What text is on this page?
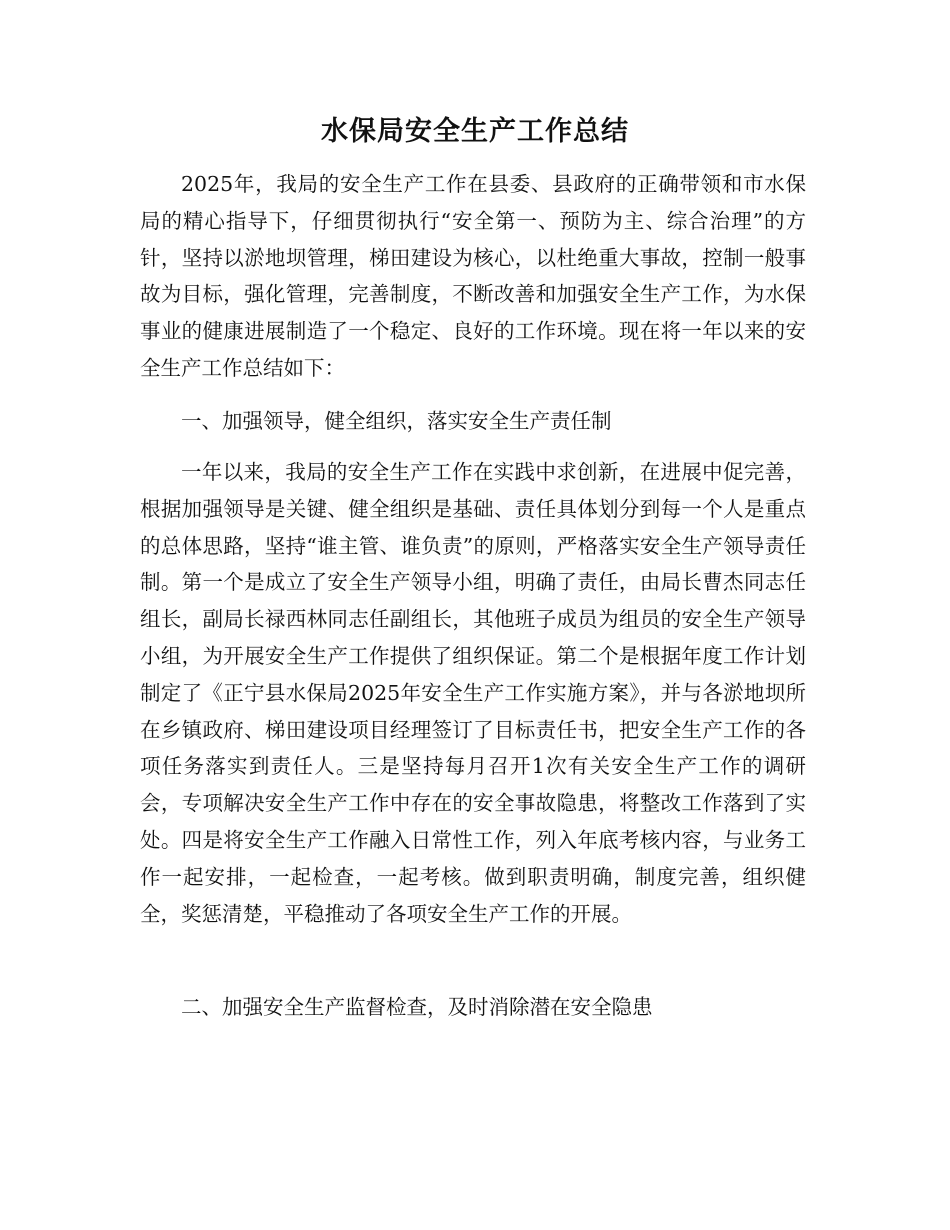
水保局安全生产工作总结
2025年，我局的安全生产工作在县委、县政府的正确带领和市水保局的精心指导下，仔细贯彻执行“安全第一、预防为主、综合治理”的方针，坚持以淤地坝管理，梯田建设为核心，以杜绝重大事故，控制一般事故为目标，强化管理，完善制度，不断改善和加强安全生产工作，为水保事业的健康进展制造了一个稳定、良好的工作环境。现在将一年以来的安全生产工作总结如下：
一、加强领导，健全组织，落实安全生产责任制
一年以来，我局的安全生产工作在实践中求创新，在进展中促完善，根据加强领导是关键、健全组织是基础、责任具体划分到每一个人是重点的总体思路，坚持“谁主管、谁负责”的原则，严格落实安全生产领导责任制。第一个是成立了安全生产领导小组，明确了责任，由局长曹杰同志任组长，副局长禄西林同志任副组长，其他班子成员为组员的安全生产领导小组，为开展安全生产工作提供了组织保证。第二个是根据年度工作计划制定了《正宁县水保局2025年安全生产工作实施方案》，并与各淤地坝所在乡镇政府、梯田建设项目经理签订了目标责任书，把安全生产工作的各项任务落实到责任人。三是坚持每月召开1次有关安全生产工作的调研会，专项解决安全生产工作中存在的安全事故隐患，将整改工作落到了实处。四是将安全生产工作融入日常性工作，列入年底考核内容，与业务工作一起安排，一起检查，一起考核。做到职责明确，制度完善，组织健全，奖惩清楚，平稳推动了各项安全生产工作的开展。
二、加强安全生产监督检查，及时消除潜在安全隐患
